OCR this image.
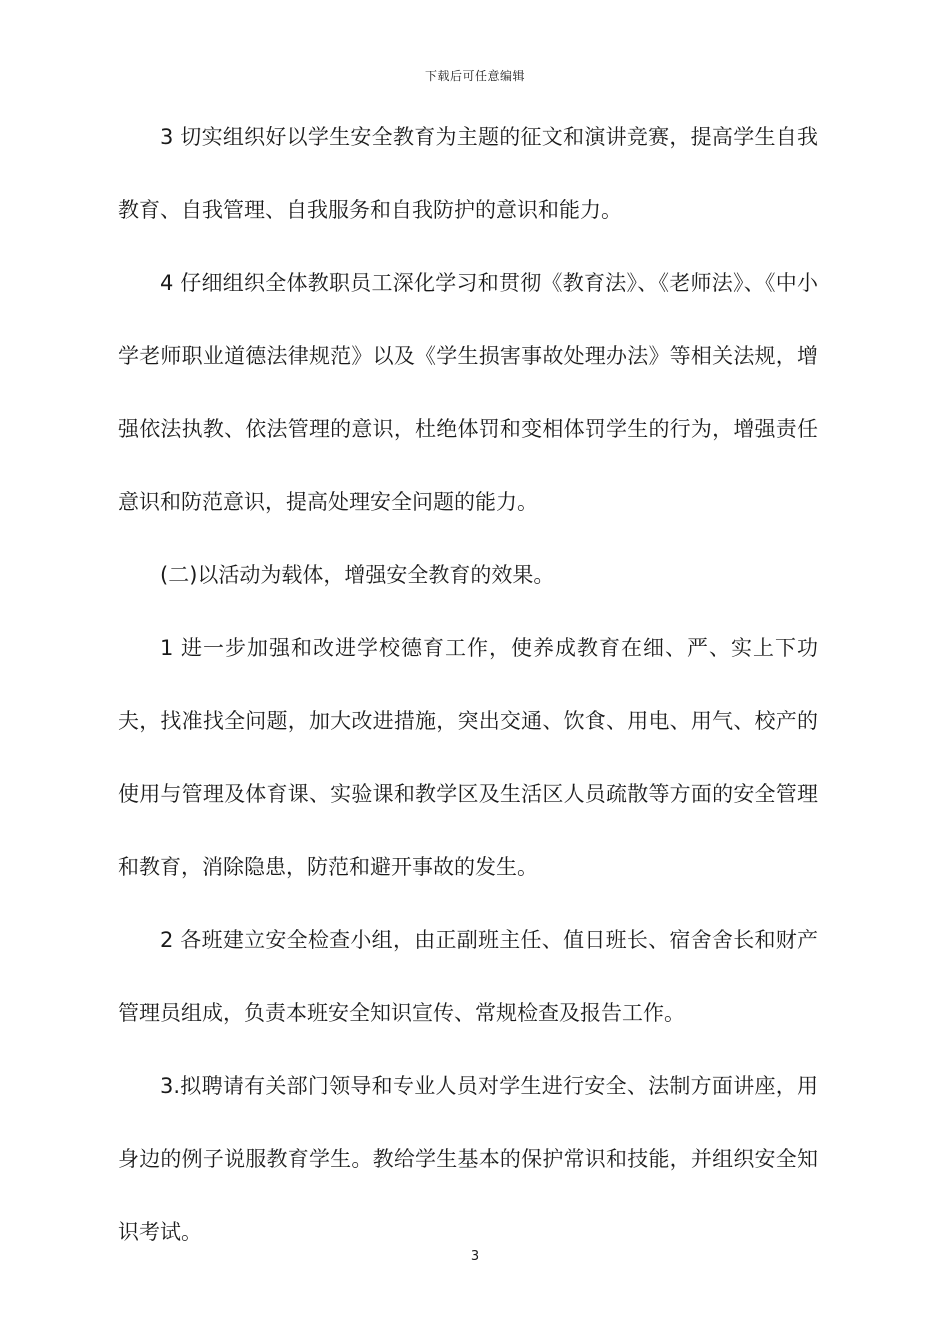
下载后可任意编辑

3 切实组织好以学生安全教育为主题的征文和演讲竞赛，提高学生自我教育、自我管理、自我服务和自我防护的意识和能力。

4 仔细组织全体教职员工深化学习和贯彻《教育法》、《老师法》、《中小学老师职业道德法律规范》以及《学生损害事故处理办法》等相关法规，增强依法执教、依法管理的意识，杜绝体罚和变相体罚学生的行为，增强责任意识和防范意识，提高处理安全问题的能力。

(二)以活动为载体，增强安全教育的效果。

1 进一步加强和改进学校德育工作，使养成教育在细、严、实上下功夫，找准找全问题，加大改进措施，突出交通、饮食、用电、用气、校产的使用与管理及体育课、实验课和教学区及生活区人员疏散等方面的安全管理和教育，消除隐患，防范和避开事故的发生。

2 各班建立安全检查小组，由正副班主任、值日班长、宿舍舍长和财产管理员组成，负责本班安全知识宣传、常规检查及报告工作。

3.拟聘请有关部门领导和专业人员对学生进行安全、法制方面讲座，用身边的例子说服教育学生。教给学生基本的保护常识和技能，并组织安全知识考试。

3
